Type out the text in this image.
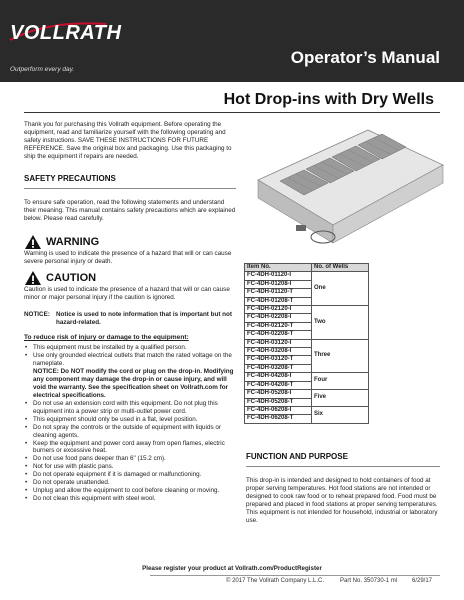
VOLLRATH
Outperform every day.
Operator’s Manual
Hot Drop-ins with Dry Wells
Thank you for purchasing this Vollrath equipment. Before operating the equipment, read and familiarize yourself with the following operating and safety instructions. SAVE THESE INSTRUCTIONS FOR FUTURE REFERENCE. Save the original box and packaging. Use this packaging to ship the equipment if repairs are needed.
SAFETY PRECAUTIONS
To ensure safe operation, read the following statements and understand their meaning. This manual contains safety precautions which are explained below. Please read carefully.
WARNING
Warning is used to indicate the presence of a hazard that will or can cause severe personal injury or death.
CAUTION
Caution is used to indicate the presence of a hazard that will or can cause minor or major personal injury if the caution is ignored.
NOTICE: Notice is used to note information that is important but not hazard-related.
To reduce risk of injury or damage to the equipment:
• This equipment must be installed by a qualified person.
• Use only grounded electrical outlets that match the rated voltage on the nameplate.
NOTICE: Do NOT modify the cord or plug on the drop-in. Modifying any component may damage the drop-in or cause injury, and will void the warranty. See the specification sheet on Vollrath.com for electrical specifications.
• Do not use an extension cord with this equipment. Do not plug this equipment into a power strip or multi-outlet power cord.
• This equipment should only be used in a flat, level position.
• Do not spray the controls or the outside of equipment with liquids or cleaning agents.
• Keep the equipment and power cord away from open flames, electric burners or excessive heat.
• Do not use food pans deeper than 6" (15.2 cm).
• Not for use with plastic pans.
• Do not operate equipment if it is damaged or malfunctioning.
• Do not operate unattended.
• Unplug and allow the equipment to cool before cleaning or moving.
• Do not clean this equipment with steel wool.
Item No.	No. of Wells
FC-4DH-01120-I	One
FC-4DH-01208-I	
FC-4DH-01120-T	
FC-4DH-01208-T	
FC-4DH-02120-I	Two
FC-4DH-02208-I	
FC-4DH-02120-T	
FC-4DH-02208-T	
FC-4DH-03120-I	Three
FC-4DH-03208-I	
FC-4DH-03120-T	
FC-4DH-03208-T	
FC-4DH-04208-I	Four
FC-4DH-04208-T	
FC-4DH-05208-I	Five
FC-4DH-05208-T	
FC-4DH-06208-I	Six
FC-4DH-06208-T	
FUNCTION AND PURPOSE
This drop-in is intended and designed to hold containers of food at proper serving temperatures. Hot food stations are not intended or designed to cook raw food or to reheat prepared food. Food must be prepared and placed in food stations at proper serving temperatures. This equipment is not intended for household, industrial or laboratory use.
Please register your product at Vollrath.com/ProductRegister
© 2017 The Vollrath Company L.L.C.	Part No. 350730-1 ml 6/29/17
